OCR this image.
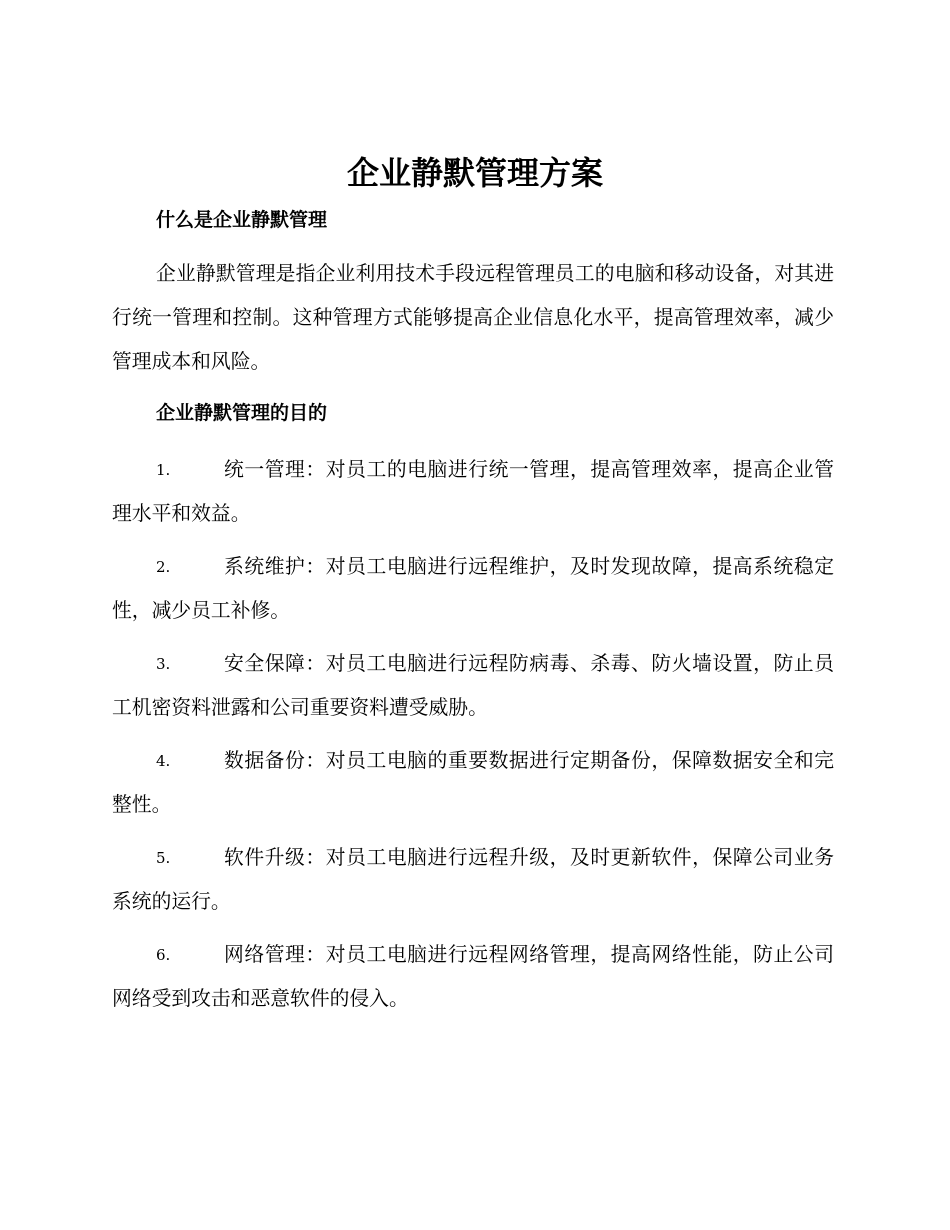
企业静默管理方案
什么是企业静默管理

企业静默管理是指企业利用技术手段远程管理员工的电脑和移动设备，对其进行统一管理和控制。这种管理方式能够提高企业信息化水平，提高管理效率，减少管理成本和风险。

企业静默管理的目的
1.	统一管理：对员工的电脑进行统一管理，提高管理效率，提高企业管理水平和效益。
2.	系统维护：对员工电脑进行远程维护，及时发现故障，提高系统稳定性，减少员工补修。
3.	安全保障：对员工电脑进行远程防病毒、杀毒、防火墙设置，防止员工机密资料泄露和公司重要资料遭受威胁。
4.	数据备份：对员工电脑的重要数据进行定期备份，保障数据安全和完整性。
5.	软件升级：对员工电脑进行远程升级，及时更新软件，保障公司业务系统的运行。
6.	网络管理：对员工电脑进行远程网络管理，提高网络性能，防止公司网络受到攻击和恶意软件的侵入。
